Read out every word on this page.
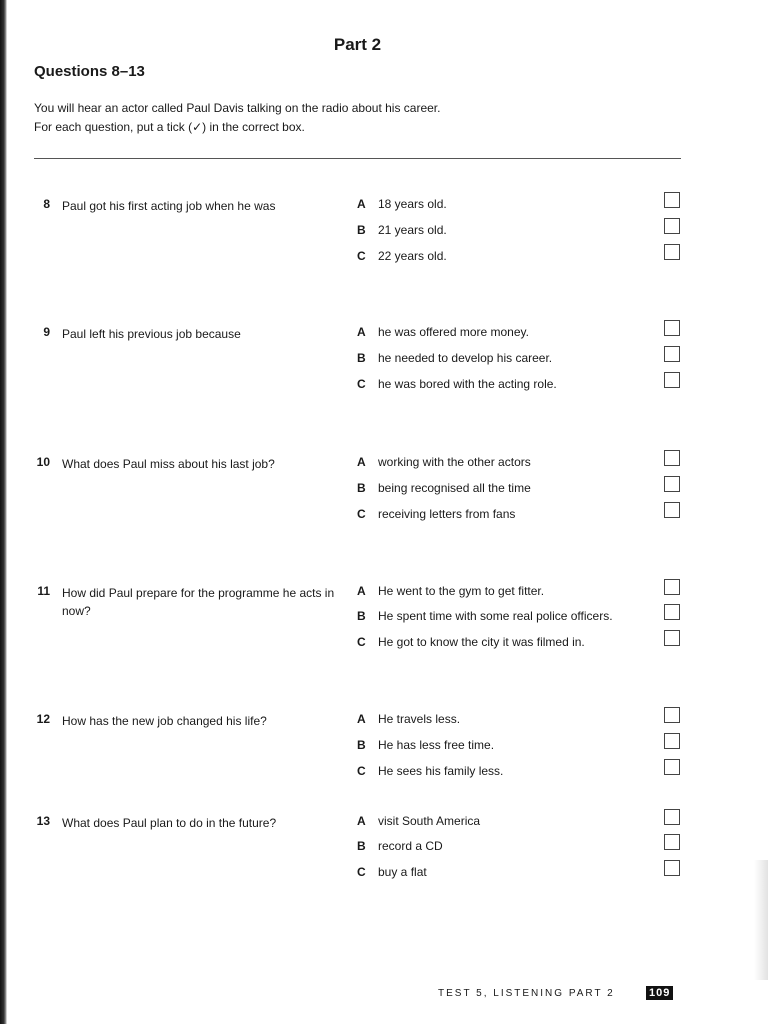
Part 2
Questions 8–13

You will hear an actor called Paul Davis talking on the radio about his career.

For each question, put a tick (✓) in the correct box.

8 Paul got his first acting job when he was	A 18 years old.
B 21 years old.
C 22 years old.
9 Paul left his previous job because	A he was offered more money.
B he needed to develop his career.
C he was bored with the acting role.
10 What does Paul miss about his last job?	A working with the other actors
B being recognised all the time
C receiving letters from fans
11 How did Paul prepare for the programme he acts in now?
A He went to the gym to get fitter.
B He spent time with some real police officers.
C He got to know the city it was filmed in.
12 How has the new job changed his life?	A He travels less.
B He has less free time.
C He sees his family less.
13 What does Paul plan to do in the future?	A visit South America
B record a CD
C buy a flat
TEST 5, LISTENING PART 2	109
